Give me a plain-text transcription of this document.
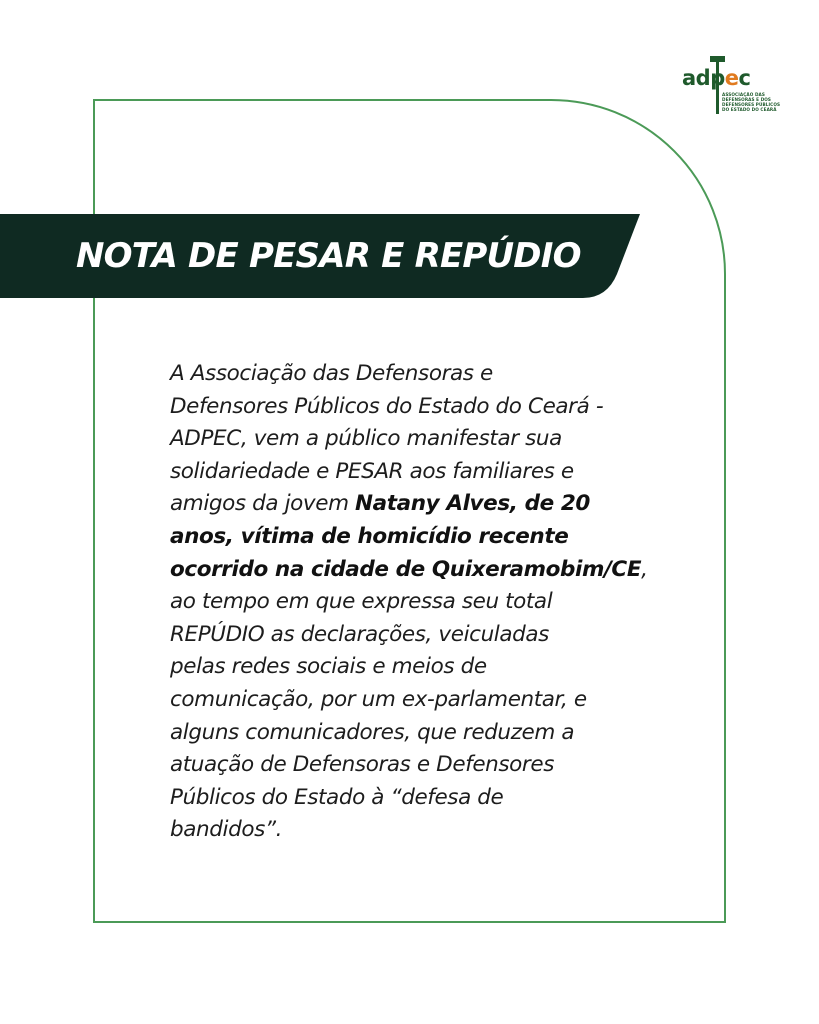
adpec
ASSOCIAÇÃO DAS
DEFENSORAS E DOS
DEFENSORES PÚBLICOS
DO ESTADO DO CEARÁ
NOTA DE PESAR E REPÚDIO
A Associação das Defensoras e
Defensores Públicos do Estado do Ceará -
ADPEC, vem a público manifestar sua
solidariedade e PESAR aos familiares e
amigos da jovem Natany Alves, de 20
anos, vítima de homicídio recente
ocorrido na cidade de Quixeramobim/CE,
ao tempo em que expressa seu total
REPÚDIO as declarações, veiculadas
pelas redes sociais e meios de
comunicação, por um ex-parlamentar, e
alguns comunicadores, que reduzem a
atuação de Defensoras e Defensores
Públicos do Estado à “defesa de
bandidos”.
